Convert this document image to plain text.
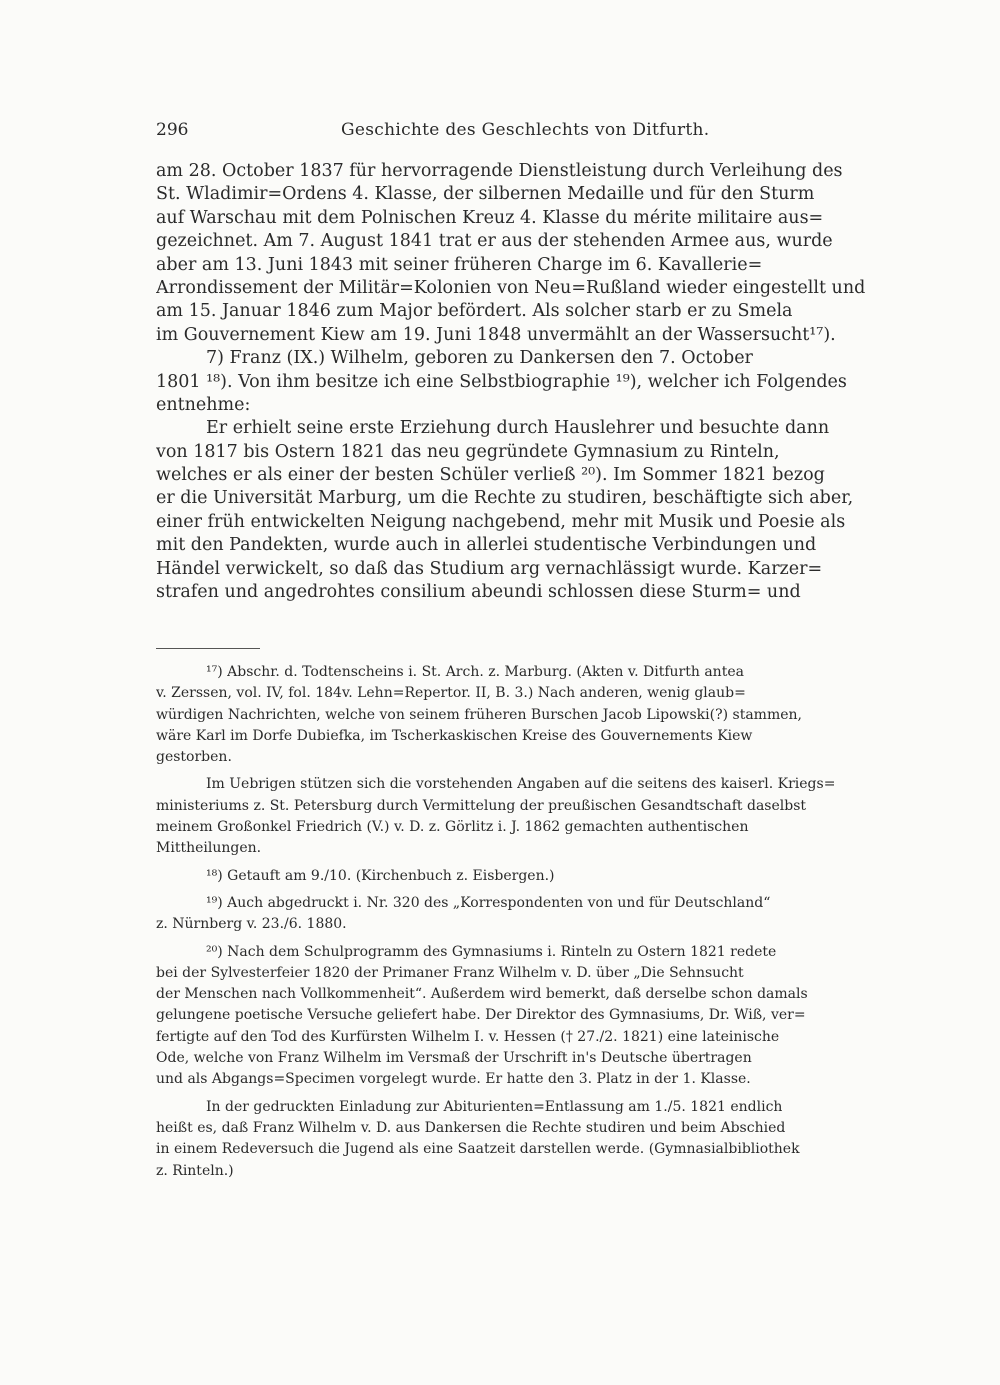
296	Geschichte des Geschlechts von Ditfurth.
am 28. October 1837 für hervorragende Dienstleistung durch Verleihung des
St. Wladimir=Ordens 4. Klasse, der silbernen Medaille und für den Sturm
auf Warschau mit dem Polnischen Kreuz 4. Klasse du mérite militaire aus=
gezeichnet. Am 7. August 1841 trat er aus der stehenden Armee aus, wurde
aber am 13. Juni 1843 mit seiner früheren Charge im 6. Kavallerie=
Arrondissement der Militär=Kolonien von Neu=Rußland wieder eingestellt und
am 15. Januar 1846 zum Major befördert. Als solcher starb er zu Smela
im Gouvernement Kiew am 19. Juni 1848 unvermählt an der Wassersucht¹⁷).
7) Franz (IX.) Wilhelm, geboren zu Dankersen den 7. October
1801 ¹⁸). Von ihm besitze ich eine Selbstbiographie ¹⁹), welcher ich Folgendes
entnehme:
Er erhielt seine erste Erziehung durch Hauslehrer und besuchte dann
von 1817 bis Ostern 1821 das neu gegründete Gymnasium zu Rinteln,
welches er als einer der besten Schüler verließ ²⁰). Im Sommer 1821 bezog
er die Universität Marburg, um die Rechte zu studiren, beschäftigte sich aber,
einer früh entwickelten Neigung nachgebend, mehr mit Musik und Poesie als
mit den Pandekten, wurde auch in allerlei studentische Verbindungen und
Händel verwickelt, so daß das Studium arg vernachlässigt wurde. Karzer=
strafen und angedrohtes consilium abeundi schlossen diese Sturm= und
¹⁷) Abschr. d. Todtenscheins i. St. Arch. z. Marburg. (Akten v. Ditfurth antea
v. Zerssen, vol. IV, fol. 184v. Lehn=Repertor. II, B. 3.) Nach anderen, wenig glaub=
würdigen Nachrichten, welche von seinem früheren Burschen Jacob Lipowski(?) stammen,
wäre Karl im Dorfe Dubiefka, im Tscherkaskischen Kreise des Gouvernements Kiew
gestorben.
Im Uebrigen stützen sich die vorstehenden Angaben auf die seitens des kaiserl. Kriegs=
ministeriums z. St. Petersburg durch Vermittelung der preußischen Gesandtschaft daselbst
meinem Großonkel Friedrich (V.) v. D. z. Görlitz i. J. 1862 gemachten authentischen
Mittheilungen.
¹⁸) Getauft am 9./10. (Kirchenbuch z. Eisbergen.)
¹⁹) Auch abgedruckt i. Nr. 320 des „Korrespondenten von und für Deutschland“
z. Nürnberg v. 23./6. 1880.
²⁰) Nach dem Schulprogramm des Gymnasiums i. Rinteln zu Ostern 1821 redete
bei der Sylvesterfeier 1820 der Primaner Franz Wilhelm v. D. über „Die Sehnsucht
der Menschen nach Vollkommenheit“. Außerdem wird bemerkt, daß derselbe schon damals
gelungene poetische Versuche geliefert habe. Der Direktor des Gymnasiums, Dr. Wiß, ver=
fertigte auf den Tod des Kurfürsten Wilhelm I. v. Hessen († 27./2. 1821) eine lateinische
Ode, welche von Franz Wilhelm im Versmaß der Urschrift in's Deutsche übertragen
und als Abgangs=Specimen vorgelegt wurde. Er hatte den 3. Platz in der 1. Klasse.
In der gedruckten Einladung zur Abiturienten=Entlassung am 1./5. 1821 endlich
heißt es, daß Franz Wilhelm v. D. aus Dankersen die Rechte studiren und beim Abschied
in einem Redeversuch die Jugend als eine Saatzeit darstellen werde. (Gymnasialbibliothek
z. Rinteln.)
